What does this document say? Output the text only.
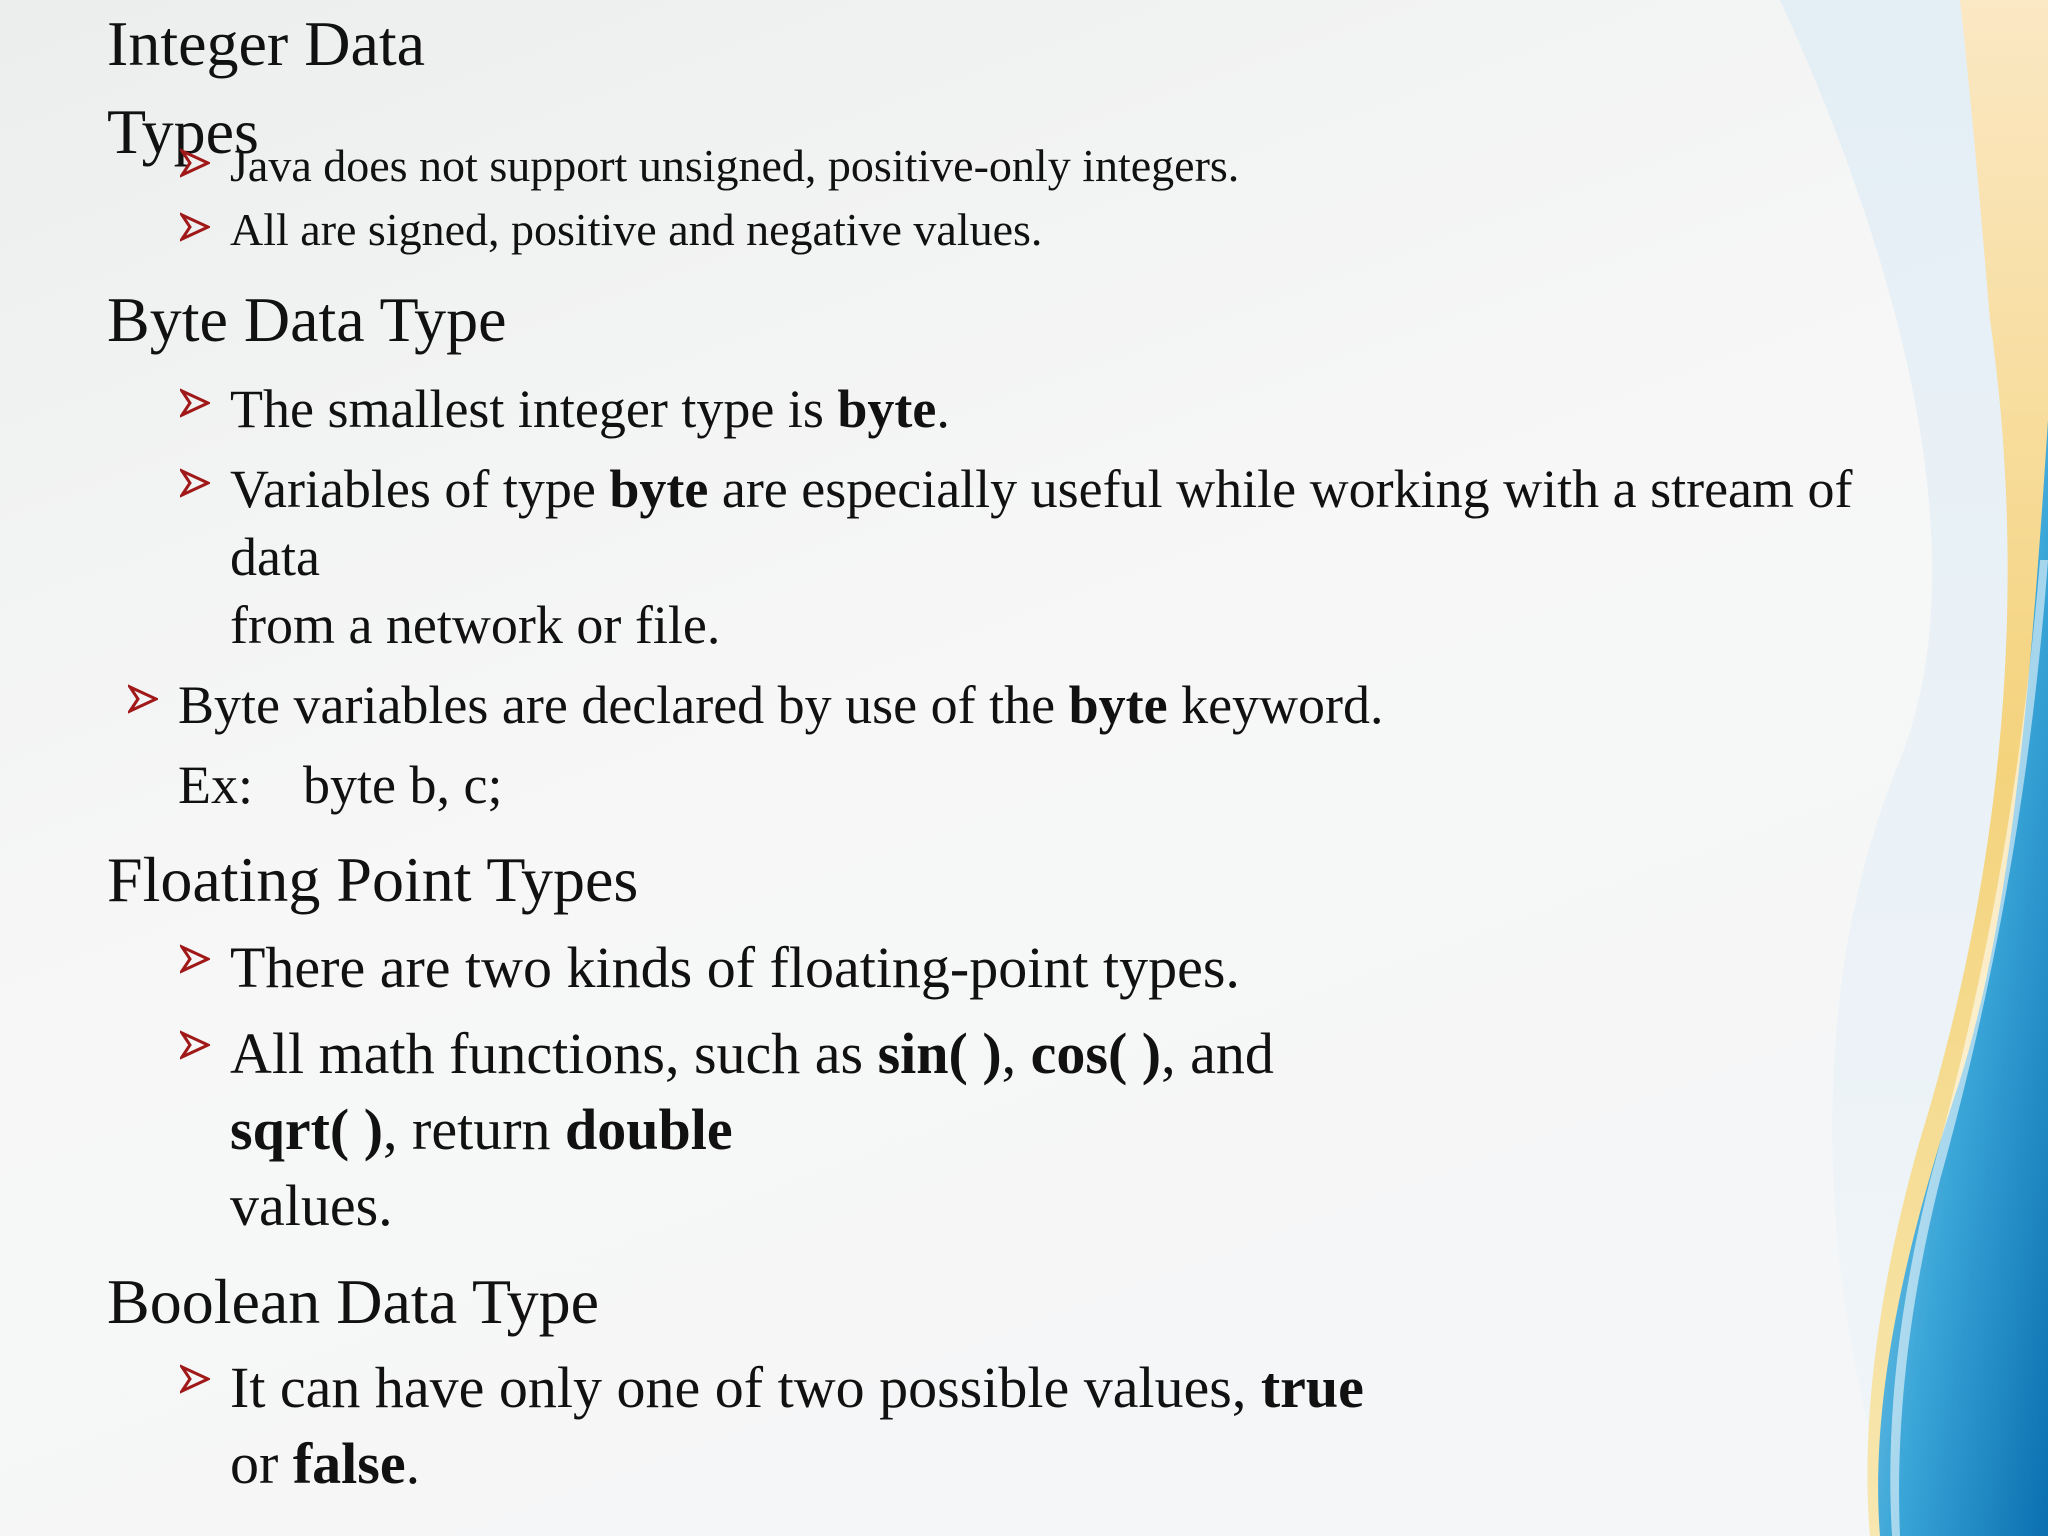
Integer Data
Types
Java does not support unsigned, positive-only integers.
All are signed, positive and negative values.
Byte Data Type
The smallest integer type is byte.
Variables of type byte are especially useful while working with a stream of
data
from a network or file.
Byte variables are declared by use of the byte keyword.
Ex: byte b, c;
Floating Point Types
There are two kinds of floating-point types.
All math functions, such as sin( ), cos( ), and
sqrt( ), return double
values.
Boolean Data Type
It can have only one of two possible values, true
or false.
